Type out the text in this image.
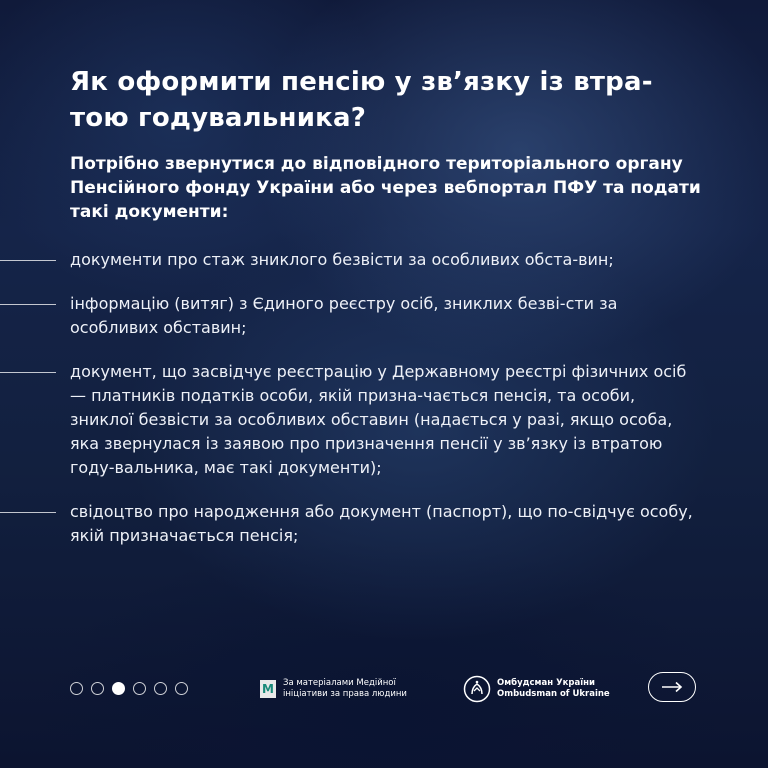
Як оформити пенсію у зв’язку із втра-тою годувальника?

Потрібно звернутися до відповідного територіального органу Пенсійного фонду України або через вебпортал ПФУ та подати такі документи:

документи про стаж зниклого безвісти за особливих обста-вин;
інформацію (витяг) з Єдиного реєстру осіб, зниклих безві-сти за особливих обставин;
документ, що засвідчує реєстрацію у Державному реєстрі фізичних осіб — платників податків особи, якій призна-чається пенсія, та особи, зниклої безвісти за особливих обставин (надається у разі, якщо особа, яка звернулася із заявою про призначення пенсії у зв’язку із втратою году-вальника, має такі документи);
свідоцтво про народження або документ (паспорт), що по-свідчує особу, якій призначається пенсія;
M За матеріалами Медійної
ініціативи за права людини
Омбудсман України
Ombudsman of Ukraine
